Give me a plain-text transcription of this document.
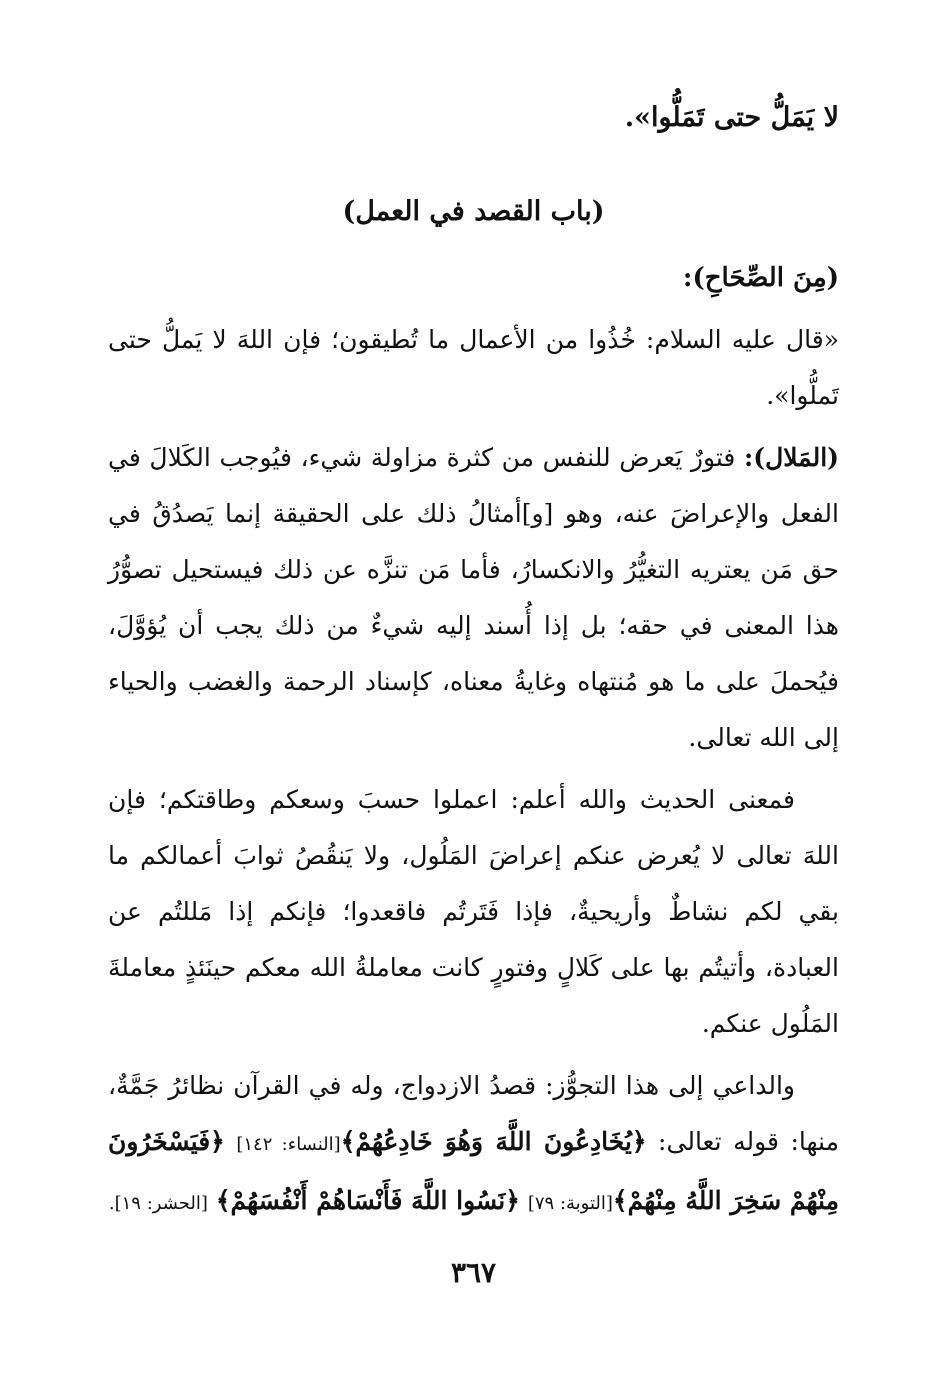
لا يَمَلُّ حتى تَمَلُّوا».

(باب القصد في العمل)

(مِنَ الصِّحَاحِ):

«قال عليه السلام: خُذُوا من الأعمال ما تُطيقون؛ فإن اللهَ لا يَملُّ حتى تَملُّوا».

(المَلال): فتورٌ يَعرض للنفس من كثرة مزاولة شيء، فيُوجب الكَلالَ في الفعل والإعراضَ عنه، وهو [و]أمثالُ ذلك على الحقيقة إنما يَصدُقُ في حق مَن يعتريه التغيُّرُ والانكسارُ، فأما مَن تنزَّه عن ذلك فيستحيل تصوُّرُ هذا المعنى في حقه؛ بل إذا أُسند إليه شيءٌ من ذلك يجب أن يُؤوَّلَ، فيُحملَ على ما هو مُنتهاه وغايةُ معناه، كإسناد الرحمة والغضب والحياء إلى الله تعالى.

فمعنى الحديث والله أعلم: اعملوا حسبَ وسعكم وطاقتكم؛ فإن اللهَ تعالى لا يُعرض عنكم إعراضَ المَلُول، ولا يَنقُصُ ثوابَ أعمالكم ما بقي لكم نشاطٌ وأريحيةٌ، فإذا فَتَرتُم فاقعدوا؛ فإنكم إذا مَللتُم عن العبادة، وأتيتُم بها على كَلالٍ وفتورٍ كانت معاملةُ الله معكم حينَئذٍ معاملةَ المَلُول عنكم.

والداعي إلى هذا التجوُّز: قصدُ الازدواج، وله في القرآن نظائرُ جَمَّةٌ، منها: قوله تعالى: ﴿يُخَادِعُونَ اللَّهَ وَهُوَ خَادِعُهُمْ﴾[النساء: ١٤٢] ﴿فَيَسْخَرُونَ مِنْهُمْ سَخِرَ اللَّهُ مِنْهُمْ﴾[التوبة: ٧٩] ﴿نَسُوا اللَّهَ فَأَنْسَاهُمْ أَنْفُسَهُمْ﴾ [الحشر: ١٩].

٣٦٧
